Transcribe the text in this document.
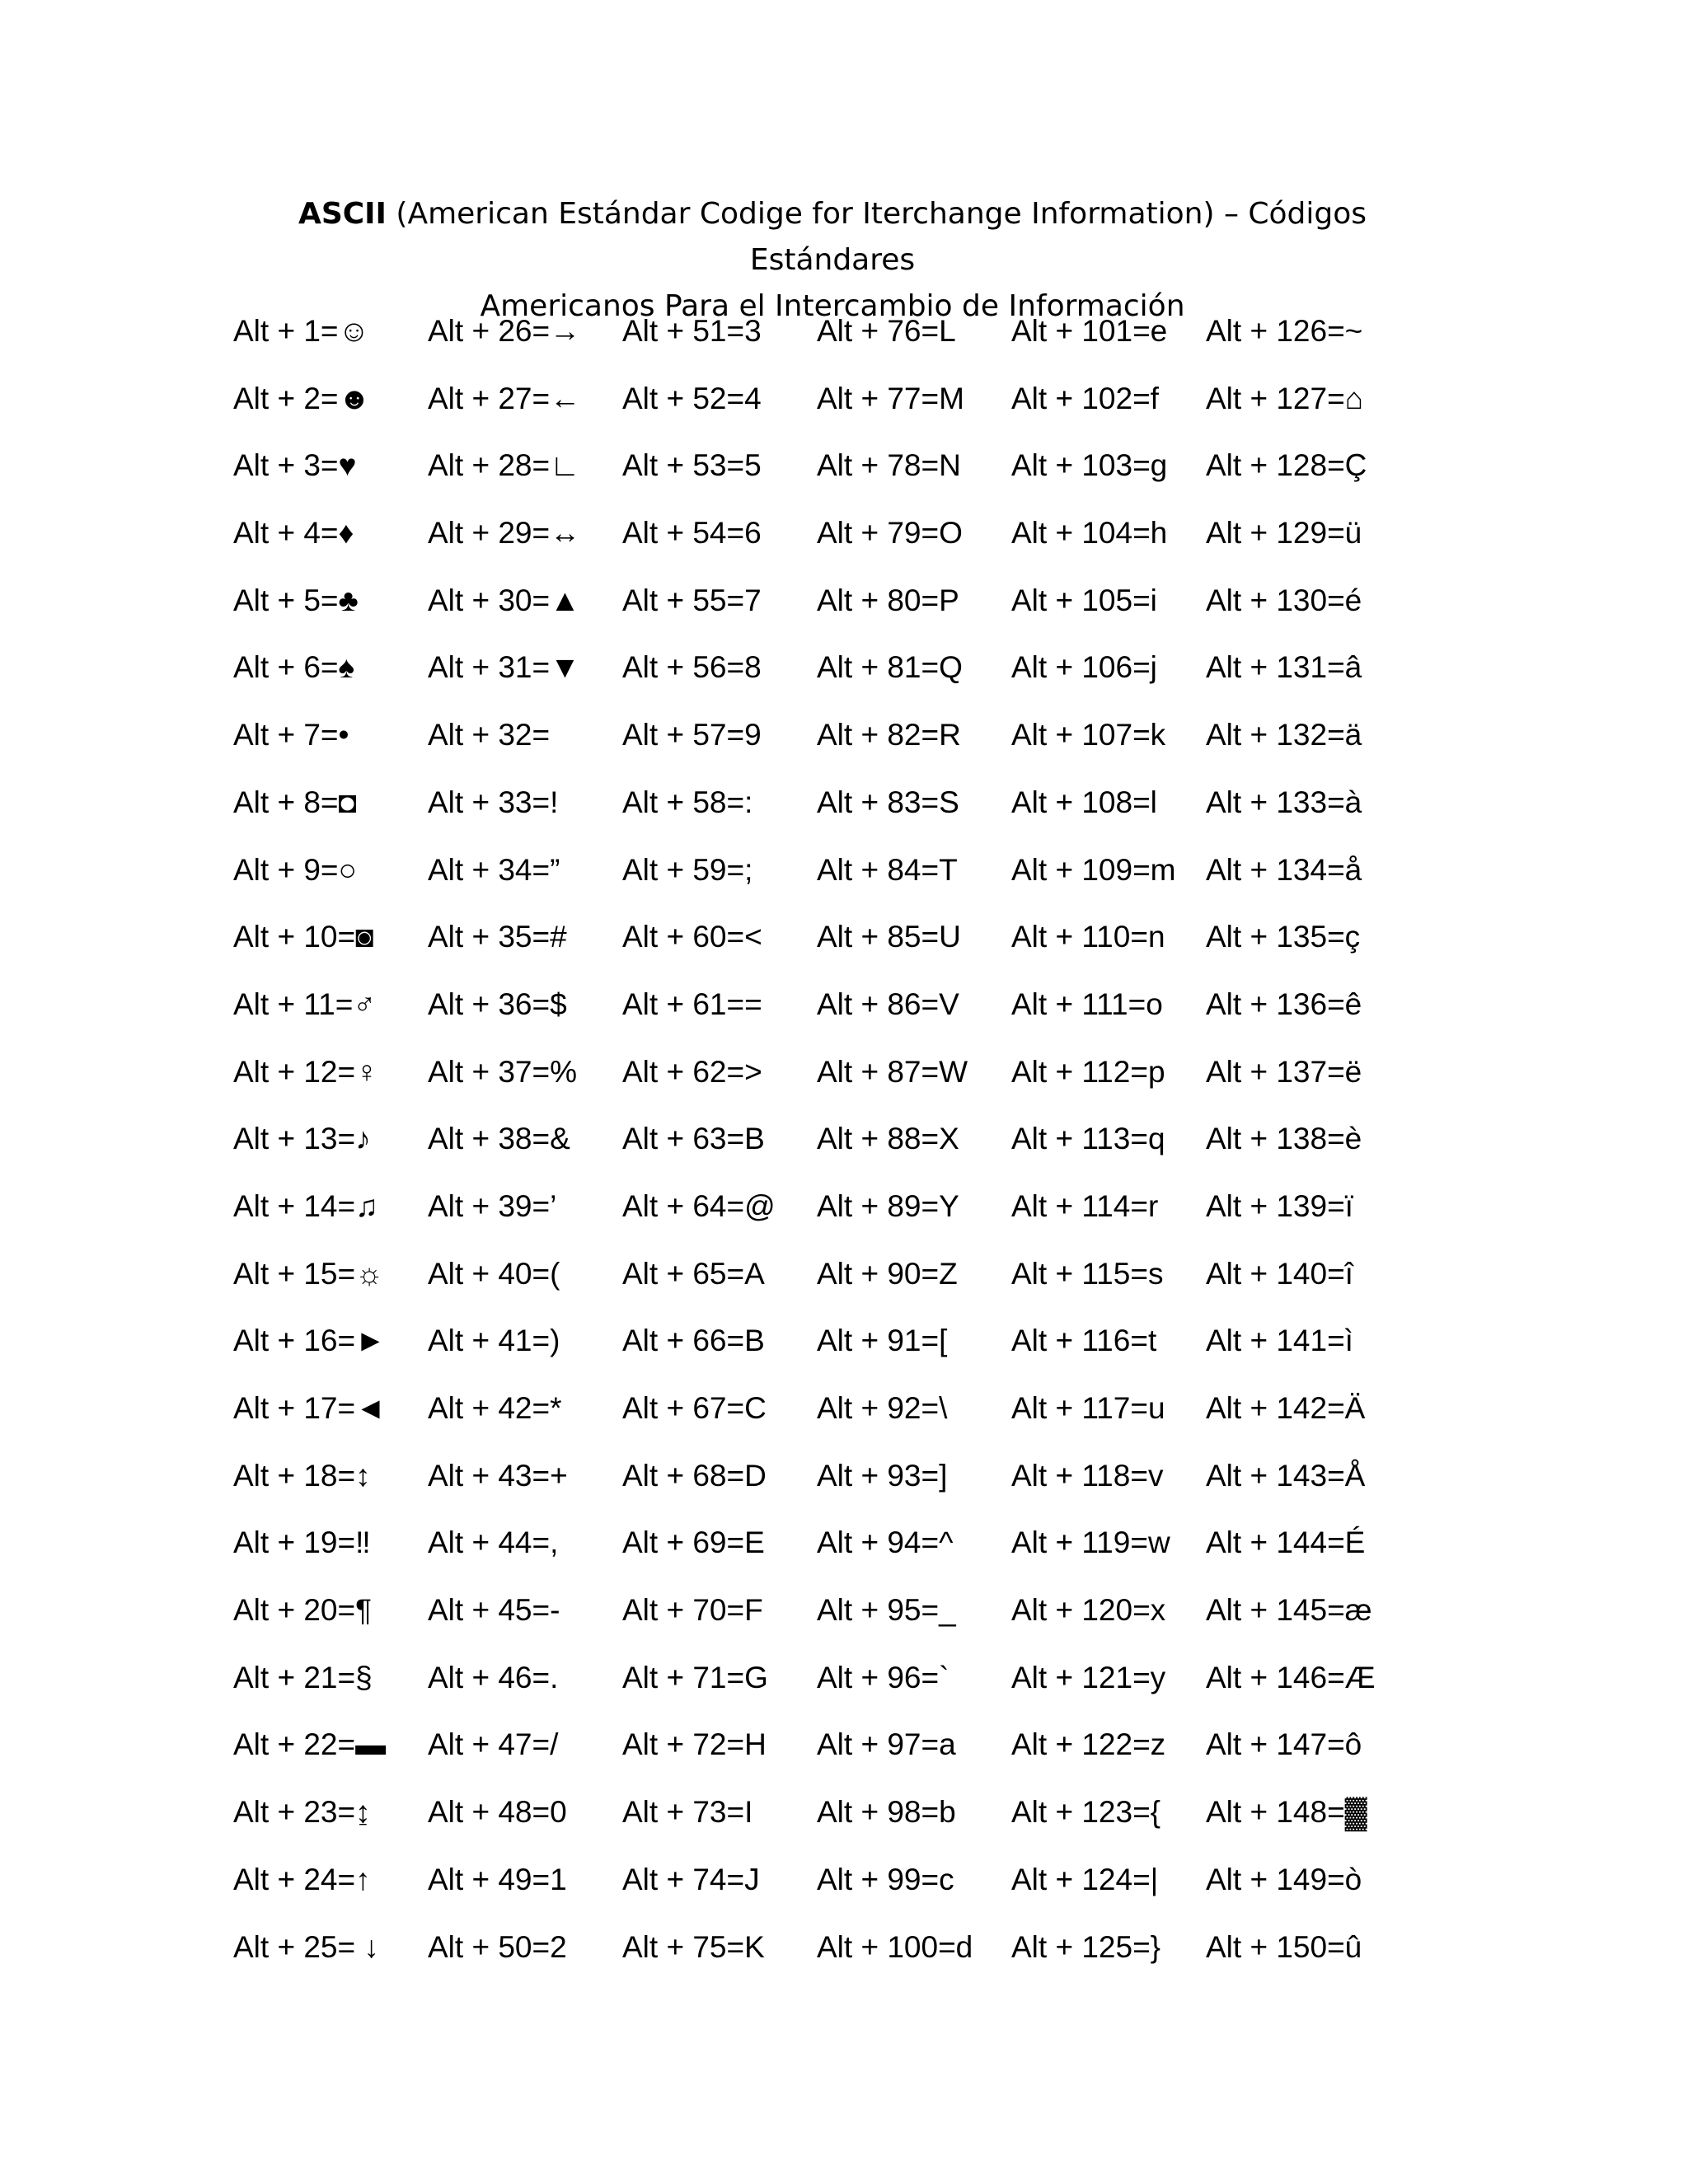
ASCII (American Estándar Codige for Iterchange Information) – Códigos Estándares
Americanos Para el Intercambio de Información
Alt + 1=☺	Alt + 26=→	Alt + 51=3	Alt + 76=L	Alt + 101=e	Alt + 126=~
Alt + 2=☻	Alt + 27=←	Alt + 52=4	Alt + 77=M	Alt + 102=f	Alt + 127=⌂
Alt + 3=♥	Alt + 28=∟	Alt + 53=5	Alt + 78=N	Alt + 103=g	Alt + 128=Ç
Alt + 4=♦	Alt + 29=↔	Alt + 54=6	Alt + 79=O	Alt + 104=h	Alt + 129=ü
Alt + 5=♣	Alt + 30=▲	Alt + 55=7	Alt + 80=P	Alt + 105=i	Alt + 130=é
Alt + 6=♠	Alt + 31=▼	Alt + 56=8	Alt + 81=Q	Alt + 106=j	Alt + 131=â
Alt + 7=•	Alt + 32=	Alt + 57=9	Alt + 82=R	Alt + 107=k	Alt + 132=ä
Alt + 8=◘	Alt + 33=!	Alt + 58=:	Alt + 83=S	Alt + 108=l	Alt + 133=à
Alt + 9=○	Alt + 34=”	Alt + 59=;	Alt + 84=T	Alt + 109=m Alt + 134=å
Alt + 10=◙	Alt + 35=#	Alt + 60=<	Alt + 85=U	Alt + 110=n	Alt + 135=ç
Alt + 11=♂	Alt + 36=$	Alt + 61==	Alt + 86=V	Alt + 111=o	Alt + 136=ê
Alt + 12=♀	Alt + 37=%	Alt + 62=>	Alt + 87=W	Alt + 112=p	Alt + 137=ë
Alt + 13=♪	Alt + 38=&	Alt + 63=B	Alt + 88=X	Alt + 113=q	Alt + 138=è
Alt + 14=♫	Alt + 39=’	Alt + 64=@	Alt + 89=Y	Alt + 114=r	Alt + 139=ï
Alt + 15=☼	Alt + 40=(	Alt + 65=A	Alt + 90=Z	Alt + 115=s	Alt + 140=î
Alt + 16=►	Alt + 41=)	Alt + 66=B	Alt + 91=[	Alt + 116=t	Alt + 141=ì
Alt + 17=◄	Alt + 42=*	Alt + 67=C	Alt + 92=\	Alt + 117=u	Alt + 142=Ä
Alt + 18=↕	Alt + 43=+	Alt + 68=D	Alt + 93=]	Alt + 118=v	Alt + 143=Å
Alt + 19=‼	Alt + 44=,	Alt + 69=E	Alt + 94=^	Alt + 119=w	Alt + 144=É
Alt + 20=¶	Alt + 45=-	Alt + 70=F	Alt + 95=_	Alt + 120=x	Alt + 145=æ
Alt + 21=§	Alt + 46=.	Alt + 71=G	Alt + 96=`	Alt + 121=y	Alt + 146=Æ
Alt + 22=▬	Alt + 47=/	Alt + 72=H	Alt + 97=a	Alt + 122=z	Alt + 147=ô
Alt + 23=↨	Alt + 48=0	Alt + 73=I	Alt + 98=b	Alt + 123={	Alt + 148=▓
Alt + 24=↑	Alt + 49=1	Alt + 74=J	Alt + 99=c	Alt + 124=|	Alt + 149=ò
Alt + 25= ↓	Alt + 50=2	Alt + 75=K	Alt + 100=d	Alt + 125=}	Alt + 150=û
